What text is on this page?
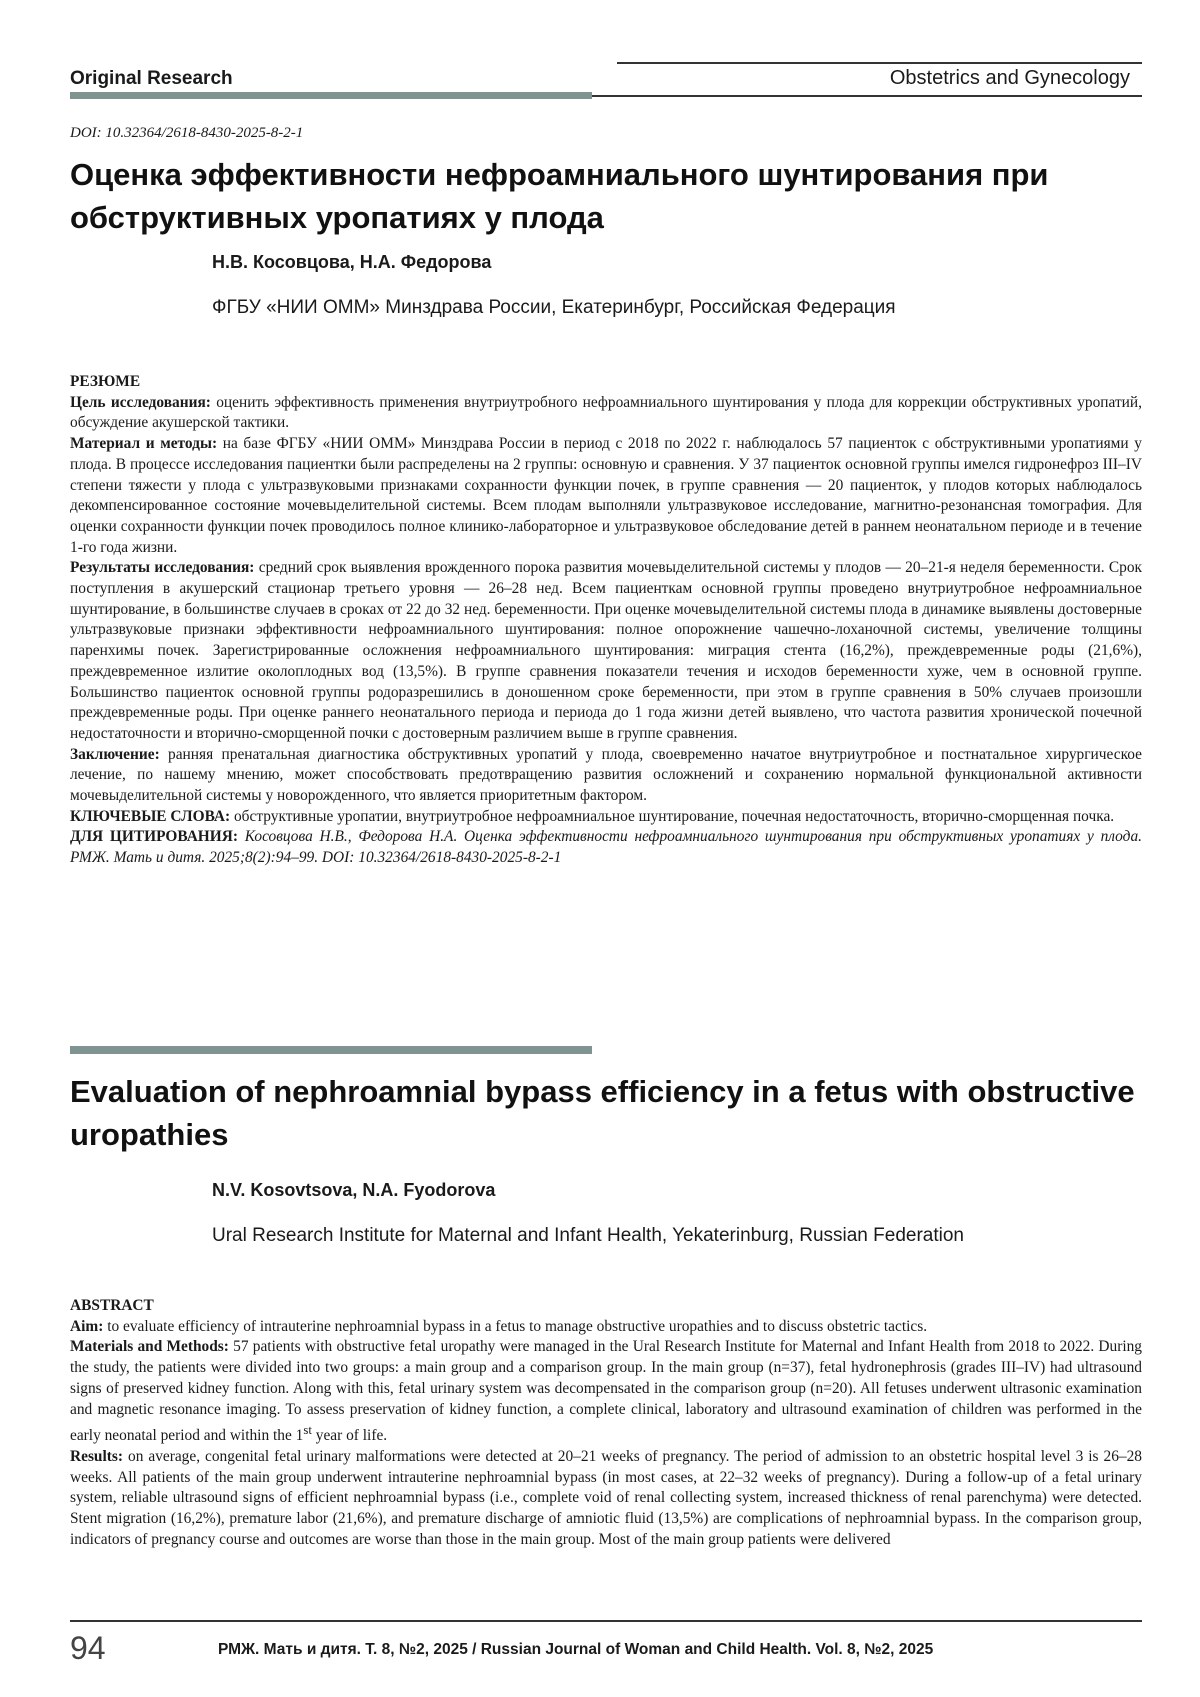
Original Research	Obstetrics and Gynecology
DOI: 10.32364/2618-8430-2025-8-2-1
Оценка эффективности нефроамниального шунтирования при обструктивных уропатиях у плода
Н.В. Косовцова, Н.А. Федорова
ФГБУ «НИИ ОММ» Минздрава России, Екатеринбург, Российская Федерация

РЕЗЮМЕ

Цель исследования: оценить эффективность применения внутриутробного нефроамниального шунтирования у плода для коррекции обструктивных уропатий, обсуждение акушерской тактики.

Материал и методы: на базе ФГБУ «НИИ ОММ» Минздрава России в период с 2018 по 2022 г. наблюдалось 57 пациенток с обструктивными уропатиями у плода. В процессе исследования пациентки были распределены на 2 группы: основную и сравнения. У 37 пациенток основной группы имелся гидронефроз III–IV степени тяжести у плода с ультразвуковыми признаками сохранности функции почек, в группе сравнения — 20 пациенток, у плодов которых наблюдалось декомпенсированное состояние мочевыделительной системы. Всем плодам выполняли ультразвуковое исследование, магнитно-резонансная томография. Для оценки сохранности функции почек проводилось полное клинико-лабораторное и ультразвуковое обследование детей в раннем неонатальном периоде и в течение 1-го года жизни.

Результаты исследования: средний срок выявления врожденного порока развития мочевыделительной системы у плодов — 20–21-я неделя беременности. Срок поступления в акушерский стационар третьего уровня — 26–28 нед. Всем пациенткам основной группы проведено внутриутробное нефроамниальное шунтирование, в большинстве случаев в сроках от 22 до 32 нед. беременности. При оценке мочевыделительной системы плода в динамике выявлены достоверные ультразвуковые признаки эффективности нефроамниального шунтирования: полное опорожнение чашечно-лоханочной системы, увеличение толщины паренхимы почек. Зарегистрированные осложнения нефроамниального шунтирования: миграция стента (16,2%), преждевременные роды (21,6%), преждевременное излитие околоплодных вод (13,5%). В группе сравнения показатели течения и исходов беременности хуже, чем в основной группе. Большинство пациенток основной группы родоразрешились в доношенном сроке беременности, при этом в группе сравнения в 50% случаев произошли преждевременные роды. При оценке раннего неонатального периода и периода до 1 года жизни детей выявлено, что частота развития хронической почечной недостаточности и вторично-сморщенной почки с достоверным различием выше в группе сравнения.

Заключение: ранняя пренатальная диагностика обструктивных уропатий у плода, своевременно начатое внутриутробное и постнатальное хирургическое лечение, по нашему мнению, может способствовать предотвращению развития осложнений и сохранению нормальной функциональной активности мочевыделительной системы у новорожденного, что является приоритетным фактором.

КЛЮЧЕВЫЕ СЛОВА: обструктивные уропатии, внутриутробное нефроамниальное шунтирование, почечная недостаточность, вторично-сморщенная почка.

ДЛЯ ЦИТИРОВАНИЯ: Косовцова Н.В., Федорова Н.А. Оценка эффективности нефроамниального шунтирования при обструктивных уропатиях у плода. РМЖ. Мать и дитя. 2025;8(2):94–99. DOI: 10.32364/2618-8430-2025-8-2-1

Evaluation of nephroamnial bypass efficiency in a fetus with obstructive uropathies
N.V. Kosovtsova, N.A. Fyodorova
Ural Research Institute for Maternal and Infant Health, Yekaterinburg, Russian Federation

ABSTRACT

Aim: to evaluate efficiency of intrauterine nephroamnial bypass in a fetus to manage obstructive uropathies and to discuss obstetric tactics.

Materials and Methods: 57 patients with obstructive fetal uropathy were managed in the Ural Research Institute for Maternal and Infant Health from 2018 to 2022. During the study, the patients were divided into two groups: a main group and a comparison group. In the main group (n=37), fetal hydronephrosis (grades III–IV) had ultrasound signs of preserved kidney function. Along with this, fetal urinary system was decompensated in the comparison group (n=20). All fetuses underwent ultrasonic examination and magnetic resonance imaging. To assess preservation of kidney function, a complete clinical, laboratory and ultrasound examination of children was performed in the early neonatal period and within the 1st year of life.

Results: on average, congenital fetal urinary malformations were detected at 20–21 weeks of pregnancy. The period of admission to an obstetric hospital level 3 is 26–28 weeks. All patients of the main group underwent intrauterine nephroamnial bypass (in most cases, at 22–32 weeks of pregnancy). During a follow-up of a fetal urinary system, reliable ultrasound signs of efficient nephroamnial bypass (i.e., complete void of renal collecting system, increased thickness of renal parenchyma) were detected. Stent migration (16,2%), premature labor (21,6%), and premature discharge of amniotic fluid (13,5%) are complications of nephroamnial bypass. In the comparison group, indicators of pregnancy course and outcomes are worse than those in the main group. Most of the main group patients were delivered

94	РМЖ. Мать и дитя. Т. 8, №2, 2025 / Russian Journal of Woman and Child Health. Vol. 8, №2, 2025
